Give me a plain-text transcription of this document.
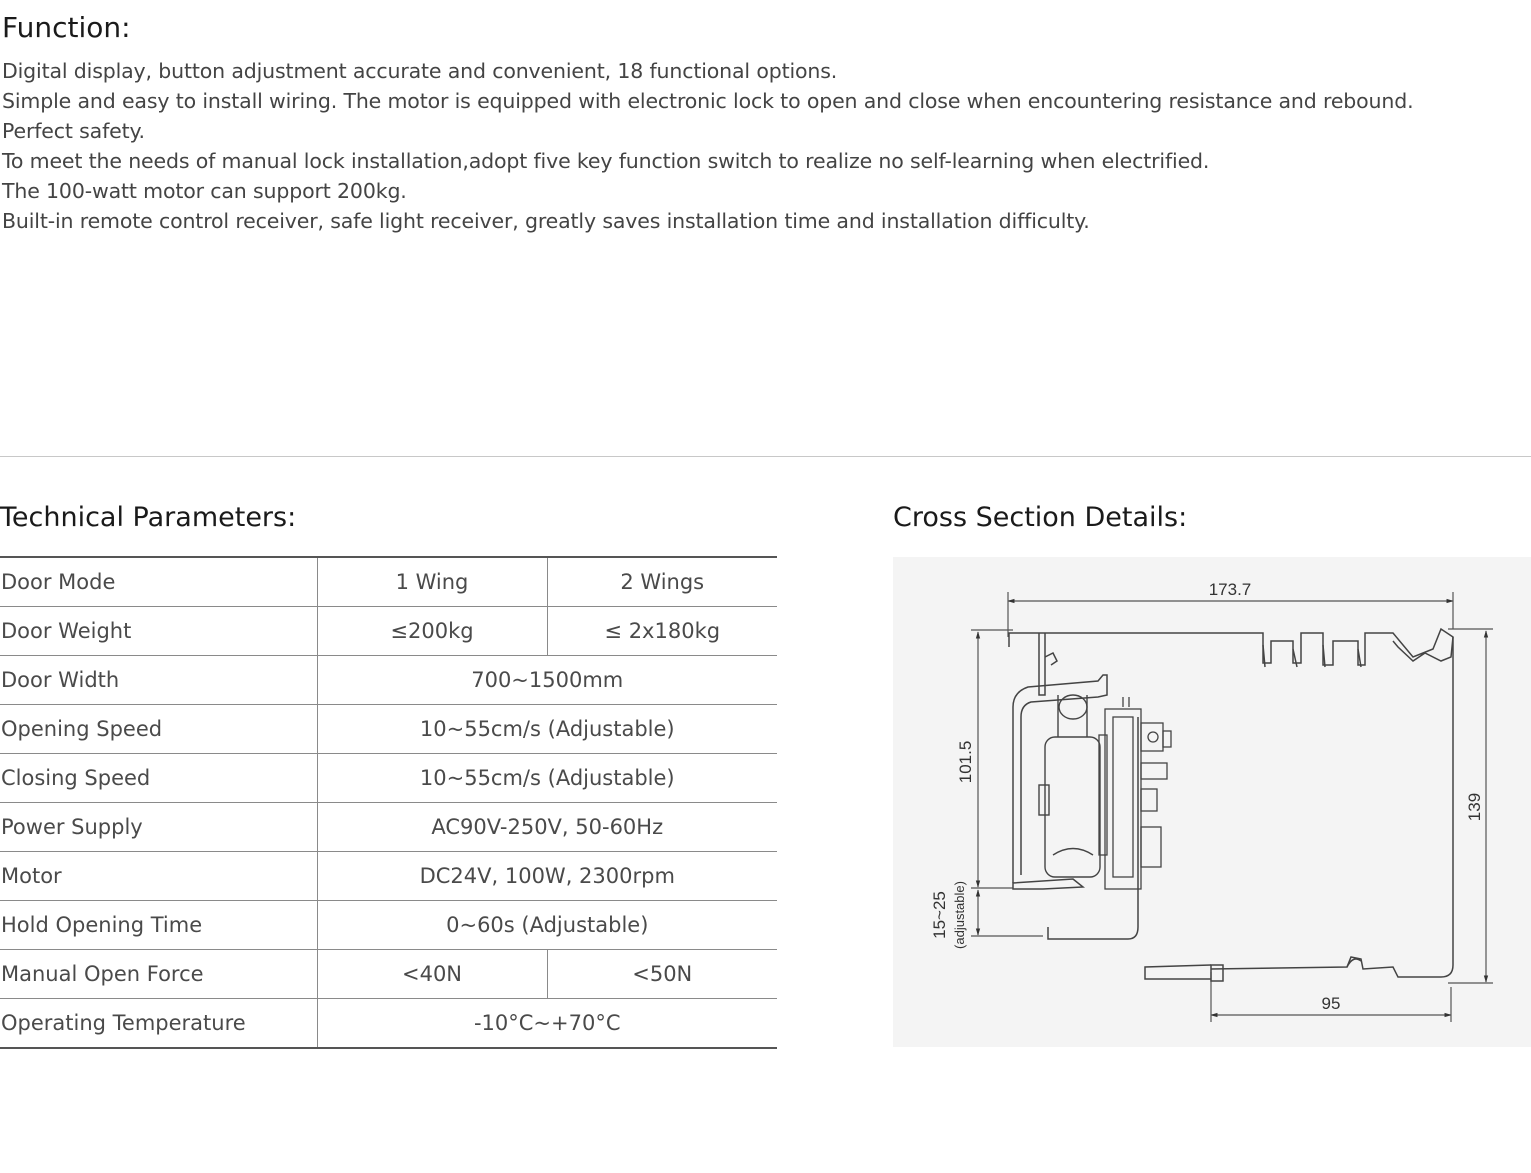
Function:
Digital display, button adjustment accurate and convenient, 18 functional options.
Simple and easy to install wiring. The motor is equipped with electronic lock to open and close when encountering resistance and rebound.
Perfect safety.
To meet the needs of manual lock installation,adopt five key function switch to realize no self-learning when electrified.
The 100-watt motor can support 200kg.
Built-in remote control receiver, safe light receiver, greatly saves installation time and installation difficulty.
Technical Parameters:	Cross Section Details:
Door Mode	1 Wing	2 Wings
Door Weight	≤200kg	≤ 2x180kg
Door Width	700~1500mm	
Opening Speed	10~55cm/s (Adjustable)	
Closing Speed	10~55cm/s (Adjustable)	
Power Supply	AC90V-250V, 50-60Hz	
Motor	DC24V, 100W, 2300rpm	
Hold Opening Time	0~60s (Adjustable)	
Manual Open Force	<40N	<50N
Operating Temperature	-10°C~+70°C	
173.7
101.5
139
15~25 (adjustable)
95
